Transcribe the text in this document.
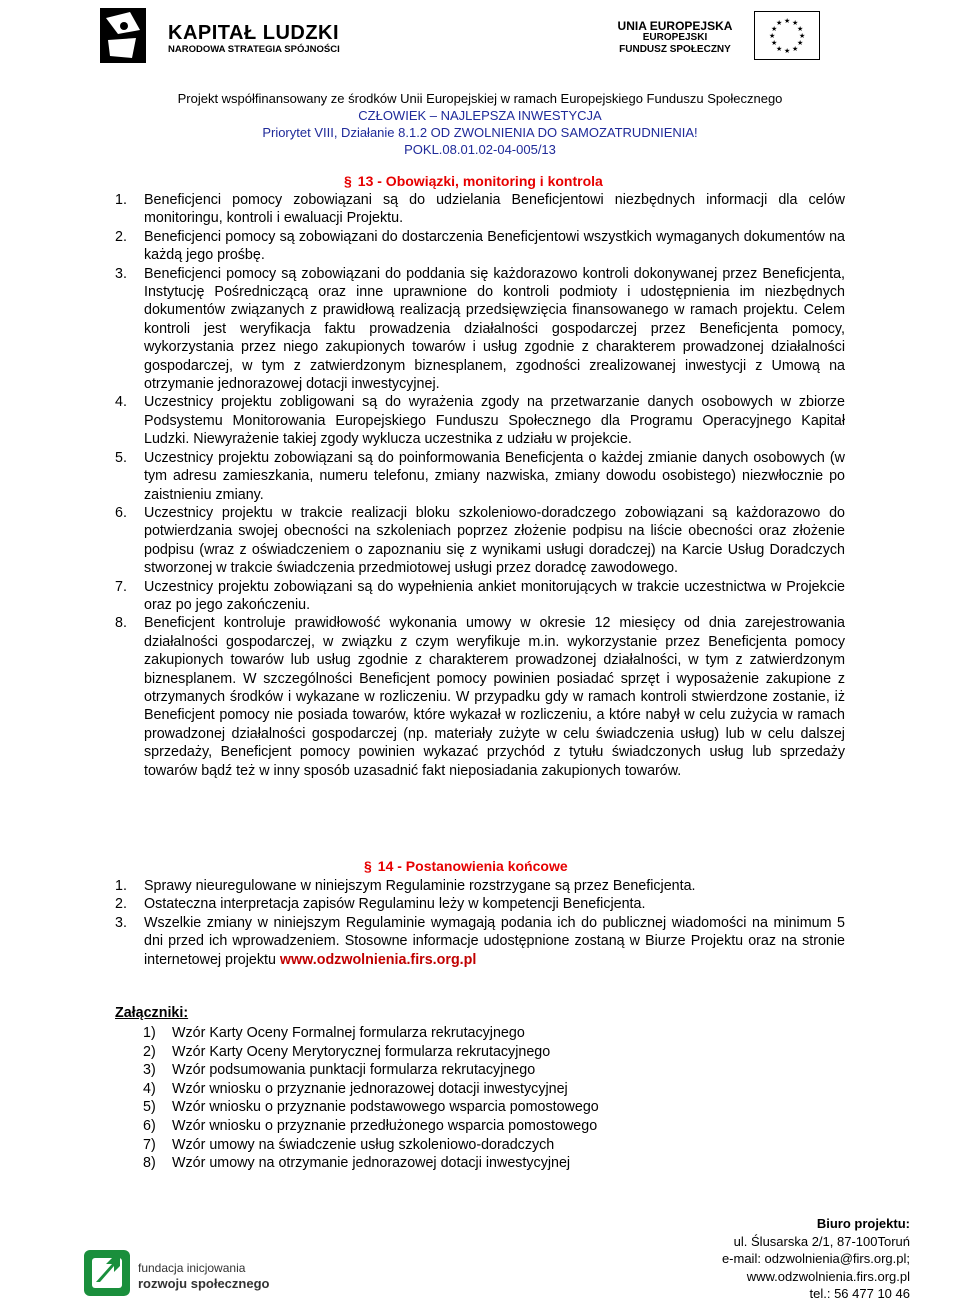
KAPITAŁ LUDZKI
NARODOWA STRATEGIA SPÓJNOŚCI
UNIA EUROPEJSKA
EUROPEJSKI
FUNDUSZ SPOŁECZNY
★ ★
★
★
★
★
★
★
★
★
★
★
Projekt współfinansowany ze środków Unii Europejskiej w ramach Europejskiego Funduszu Społecznego
CZŁOWIEK – NAJLEPSZA INWESTYCJA
Priorytet VIII, Działanie 8.1.2 OD ZWOLNIENIA DO SAMOZATRUDNIENIA!
POKL.08.01.02-04-005/13
§ 13 - Obowiązki, monitoring i kontrola
1. Beneficjenci pomocy zobowiązani są do udzielania Beneficjentowi niezbędnych informacji dla celów monitoringu, kontroli i ewaluacji Projektu.
2. Beneficjenci pomocy są zobowiązani do dostarczenia Beneficjentowi wszystkich wymaganych dokumentów na każdą jego prośbę.
3. Beneficjenci pomocy są zobowiązani do poddania się każdorazowo kontroli dokonywanej przez Beneficjenta, Instytucję Pośredniczącą oraz inne uprawnione do kontroli podmioty i udostępnienia im niezbędnych dokumentów związanych z prawidłową realizacją przedsięwzięcia finansowanego w ramach projektu. Celem kontroli jest weryfikacja faktu prowadzenia działalności gospodarczej przez Beneficjenta pomocy, wykorzystania przez niego zakupionych towarów i usług zgodnie z charakterem prowadzonej działalności gospodarczej, w tym z zatwierdzonym biznesplanem, zgodności zrealizowanej inwestycji z Umową na otrzymanie jednorazowej dotacji inwestycyjnej.
4. Uczestnicy projektu zobligowani są do wyrażenia zgody na przetwarzanie danych osobowych w zbiorze Podsystemu Monitorowania Europejskiego Funduszu Społecznego dla Programu Operacyjnego Kapitał Ludzki. Niewyrażenie takiej zgody wyklucza uczestnika z udziału w projekcie.
5. Uczestnicy projektu zobowiązani są do poinformowania Beneficjenta o każdej zmianie danych osobowych (w tym adresu zamieszkania, numeru telefonu, zmiany nazwiska, zmiany dowodu osobistego) niezwłocznie po zaistnieniu zmiany.
6. Uczestnicy projektu w trakcie realizacji bloku szkoleniowo-doradczego zobowiązani są każdorazowo do potwierdzania swojej obecności na szkoleniach poprzez złożenie podpisu na liście obecności oraz złożenie podpisu (wraz z oświadczeniem o zapoznaniu się z wynikami usługi doradczej) na Karcie Usług Doradczych stworzonej w trakcie świadczenia przedmiotowej usługi przez doradcę zawodowego.
7. Uczestnicy projektu zobowiązani są do wypełnienia ankiet monitorujących w trakcie uczestnictwa w Projekcie oraz po jego zakończeniu.
8. Beneficjent kontroluje prawidłowość wykonania umowy w okresie 12 miesięcy od dnia zarejestrowania działalności gospodarczej, w związku z czym weryfikuje m.in. wykorzystanie przez Beneficjenta pomocy zakupionych towarów lub usług zgodnie z charakterem prowadzonej działalności, w tym z zatwierdzonym biznesplanem. W szczególności Beneficjent pomocy powinien posiadać sprzęt i wyposażenie zakupione z otrzymanych środków i wykazane w rozliczeniu. W przypadku gdy w ramach kontroli stwierdzone zostanie, iż Beneficjent pomocy nie posiada towarów, które wykazał w rozliczeniu, a które nabył w celu zużycia w ramach prowadzonej działalności gospodarczej (np. materiały zużyte w celu świadczenia usług) lub w celu dalszej sprzedaży, Beneficjent pomocy powinien wykazać przychód z tytułu świadczonych usług lub sprzedaży towarów bądź też w inny sposób uzasadnić fakt nieposiadania zakupionych towarów.
§ 14 - Postanowienia końcowe
1. Sprawy nieuregulowane w niniejszym Regulaminie rozstrzygane są przez Beneficjenta.
2. Ostateczna interpretacja zapisów Regulaminu leży w kompetencji Beneficjenta.
3. Wszelkie zmiany w niniejszym Regulaminie wymagają podania ich do publicznej wiadomości na minimum 5 dni przed ich wprowadzeniem. Stosowne informacje udostępnione zostaną w Biurze Projektu oraz na stronie internetowej projektu www.odzwolnienia.firs.org.pl
Załączniki:
1) Wzór Karty Oceny Formalnej formularza rekrutacyjnego
2) Wzór Karty Oceny Merytorycznej formularza rekrutacyjnego
3) Wzór podsumowania punktacji formularza rekrutacyjnego
4) Wzór wniosku o przyznanie jednorazowej dotacji inwestycyjnej
5) Wzór wniosku o przyznanie podstawowego wsparcia pomostowego
6) Wzór wniosku o przyznanie przedłużonego wsparcia pomostowego
7) Wzór umowy na świadczenie usług szkoleniowo-doradczych
8) Wzór umowy na otrzymanie jednorazowej dotacji inwestycyjnej
fundacja inicjowania
rozwoju społecznego
Biuro projektu:
ul. Ślusarska 2/1, 87-100Toruń
e-mail: odzwolnienia@firs.org.pl;
www.odzwolnienia.firs.org.pl
tel.: 56 477 10 46
